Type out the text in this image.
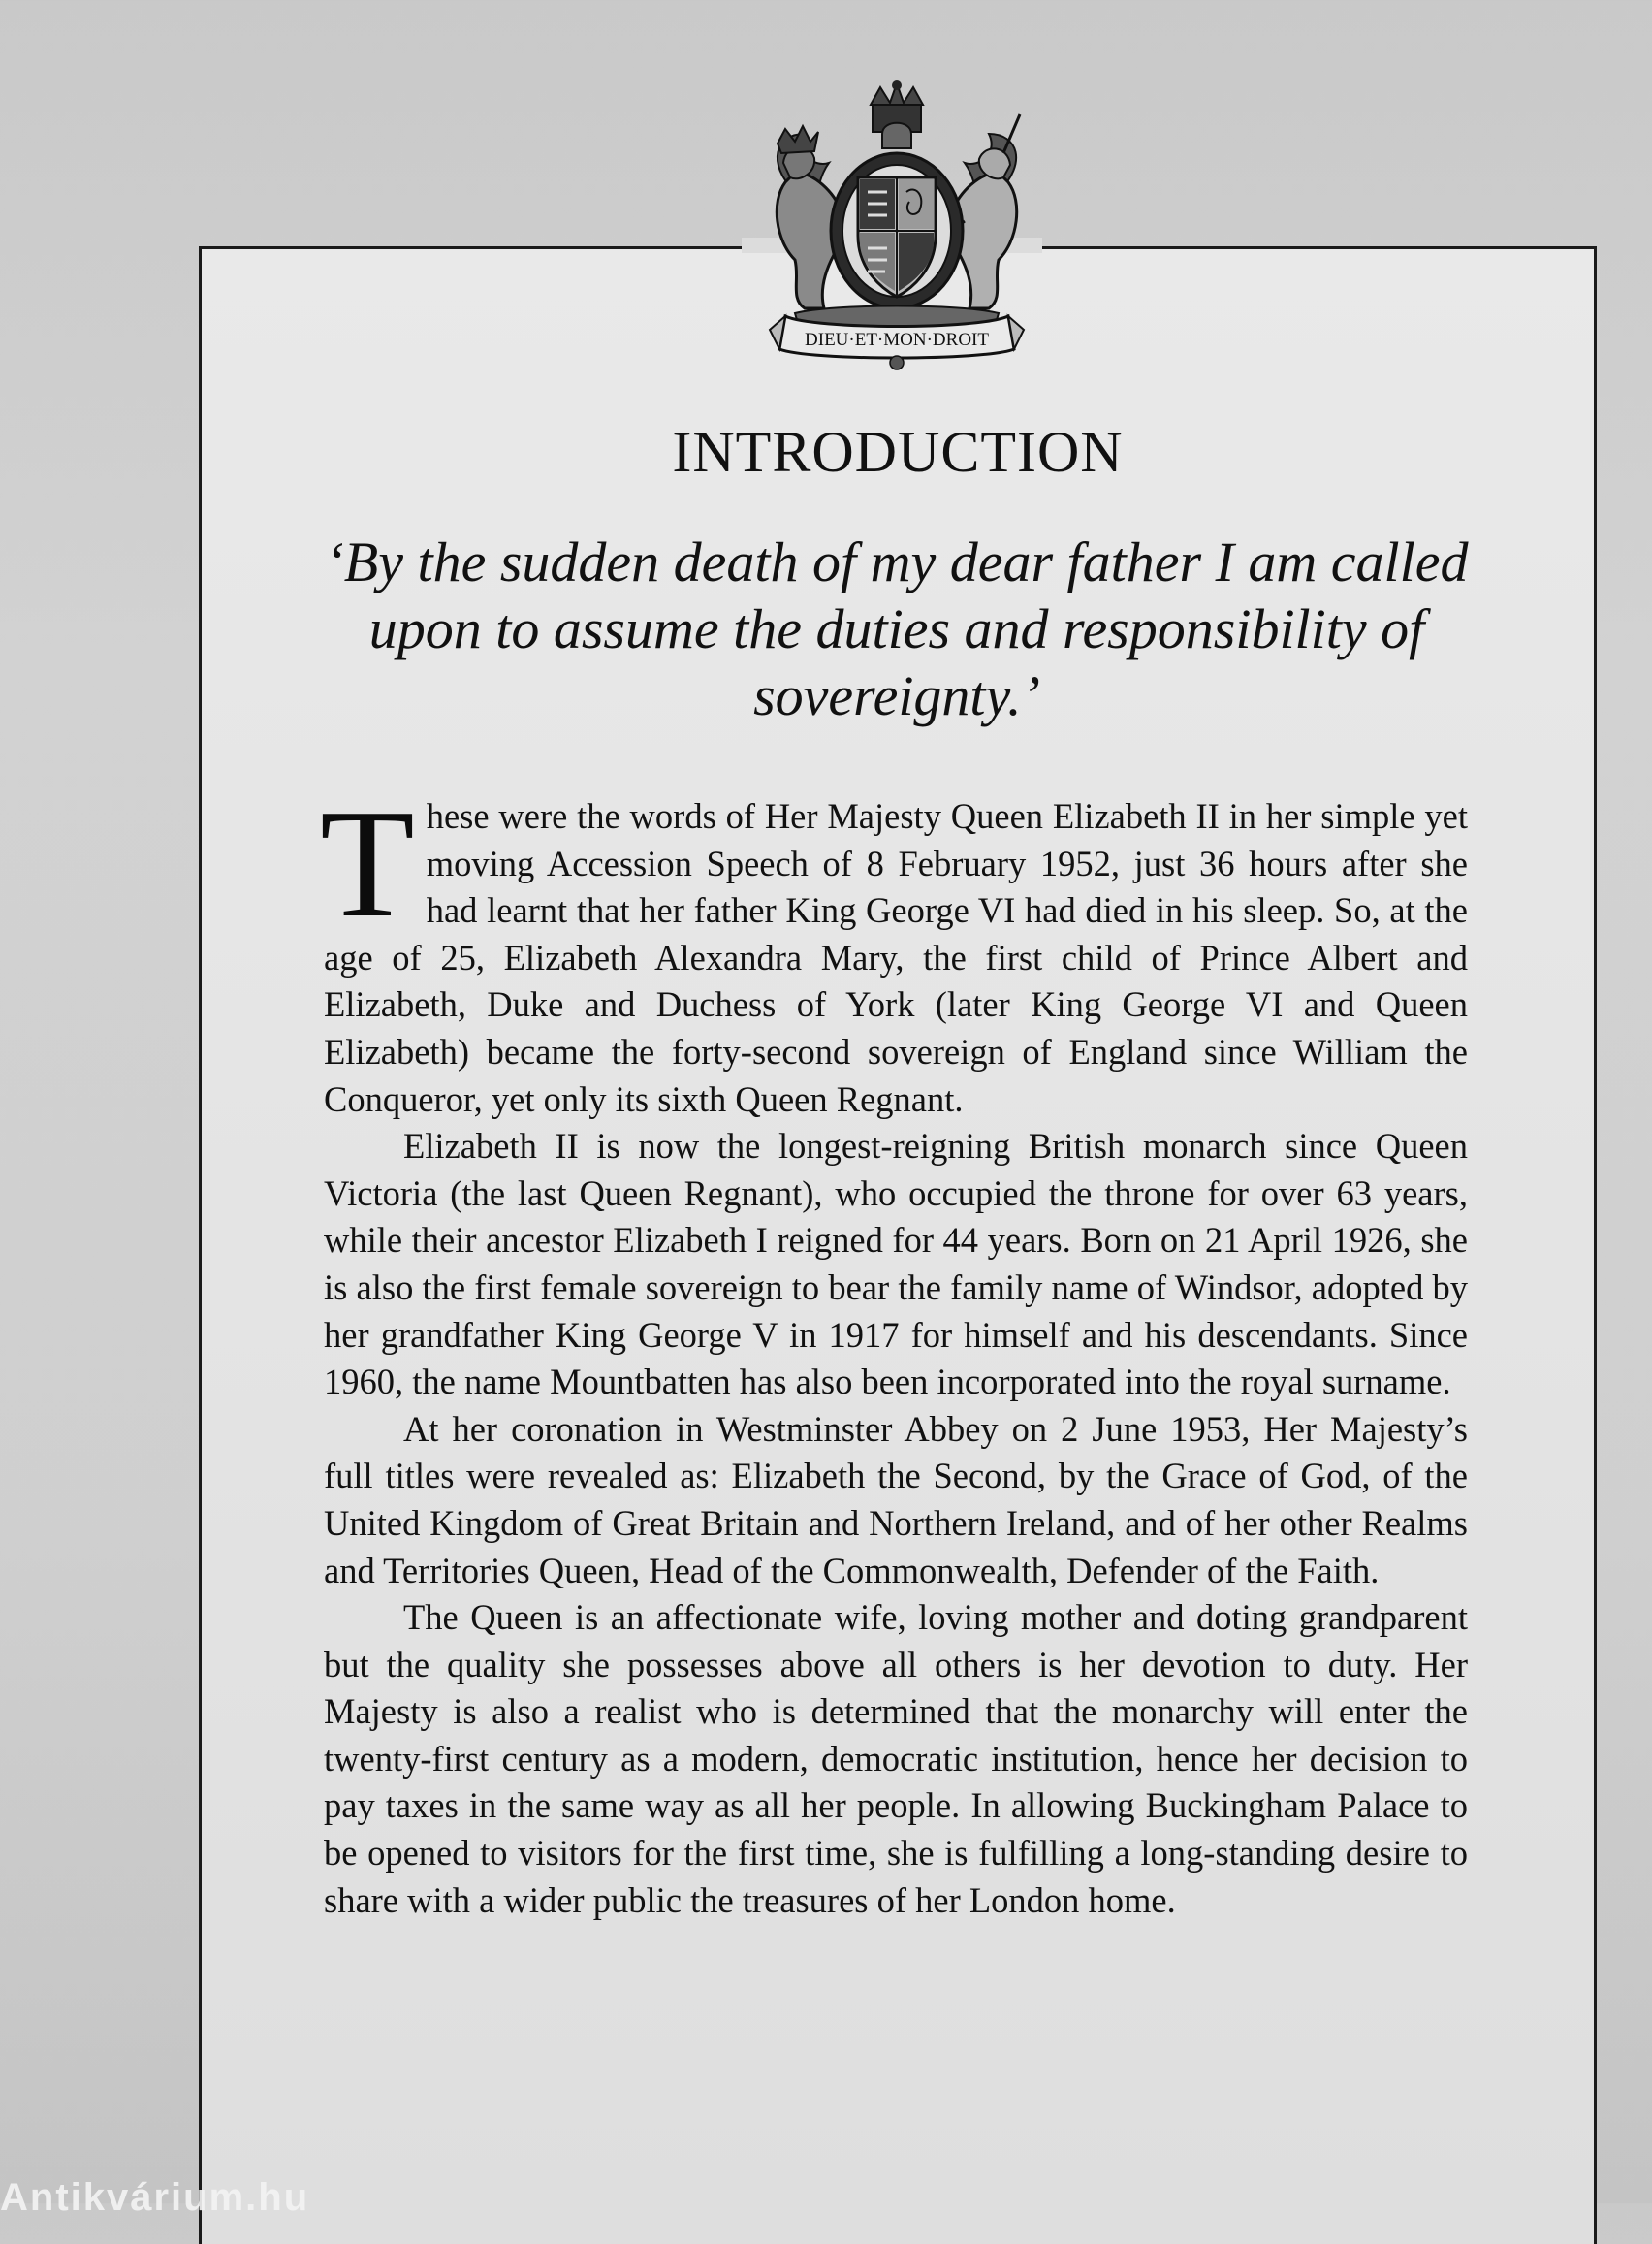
DIEU·ET·MON·DROIT
INTRODUCTION
‘By the sudden death of my dear father I am called upon to assume the duties and responsibility of sovereignty.’

These were the words of Her Majesty Queen Elizabeth II in her simple yet moving Accession Speech of 8 February 1952, just 36 hours after she had learnt that her father King George VI had died in his sleep. So, at the age of 25, Elizabeth Alexandra Mary, the first child of Prince Albert and Elizabeth, Duke and Duchess of York (later King George VI and Queen Elizabeth) became the forty-second sovereign of England since William the Conqueror, yet only its sixth Queen Regnant.

Elizabeth II is now the longest-reigning British monarch since Queen Victoria (the last Queen Regnant), who occupied the throne for over 63 years, while their ancestor Elizabeth I reigned for 44 years. Born on 21 April 1926, she is also the first female sovereign to bear the family name of Windsor, adopted by her grandfather King George V in 1917 for himself and his descendants. Since 1960, the name Mountbatten has also been incorporated into the royal surname.

At her coronation in Westminster Abbey on 2 June 1953, Her Majesty’s full titles were revealed as: Elizabeth the Second, by the Grace of God, of the United Kingdom of Great Britain and Northern Ireland, and of her other Realms and Territories Queen, Head of the Commonwealth, Defender of the Faith.

The Queen is an affectionate wife, loving mother and doting grandparent but the quality she possesses above all others is her devotion to duty. Her Majesty is also a realist who is determined that the monarchy will enter the twenty-first century as a modern, democratic institution, hence her decision to pay taxes in the same way as all her people. In allowing Buckingham Palace to be opened to visitors for the first time, she is fulfilling a long-standing desire to share with a wider public the treasures of her London home.

Antikvárium.hu
